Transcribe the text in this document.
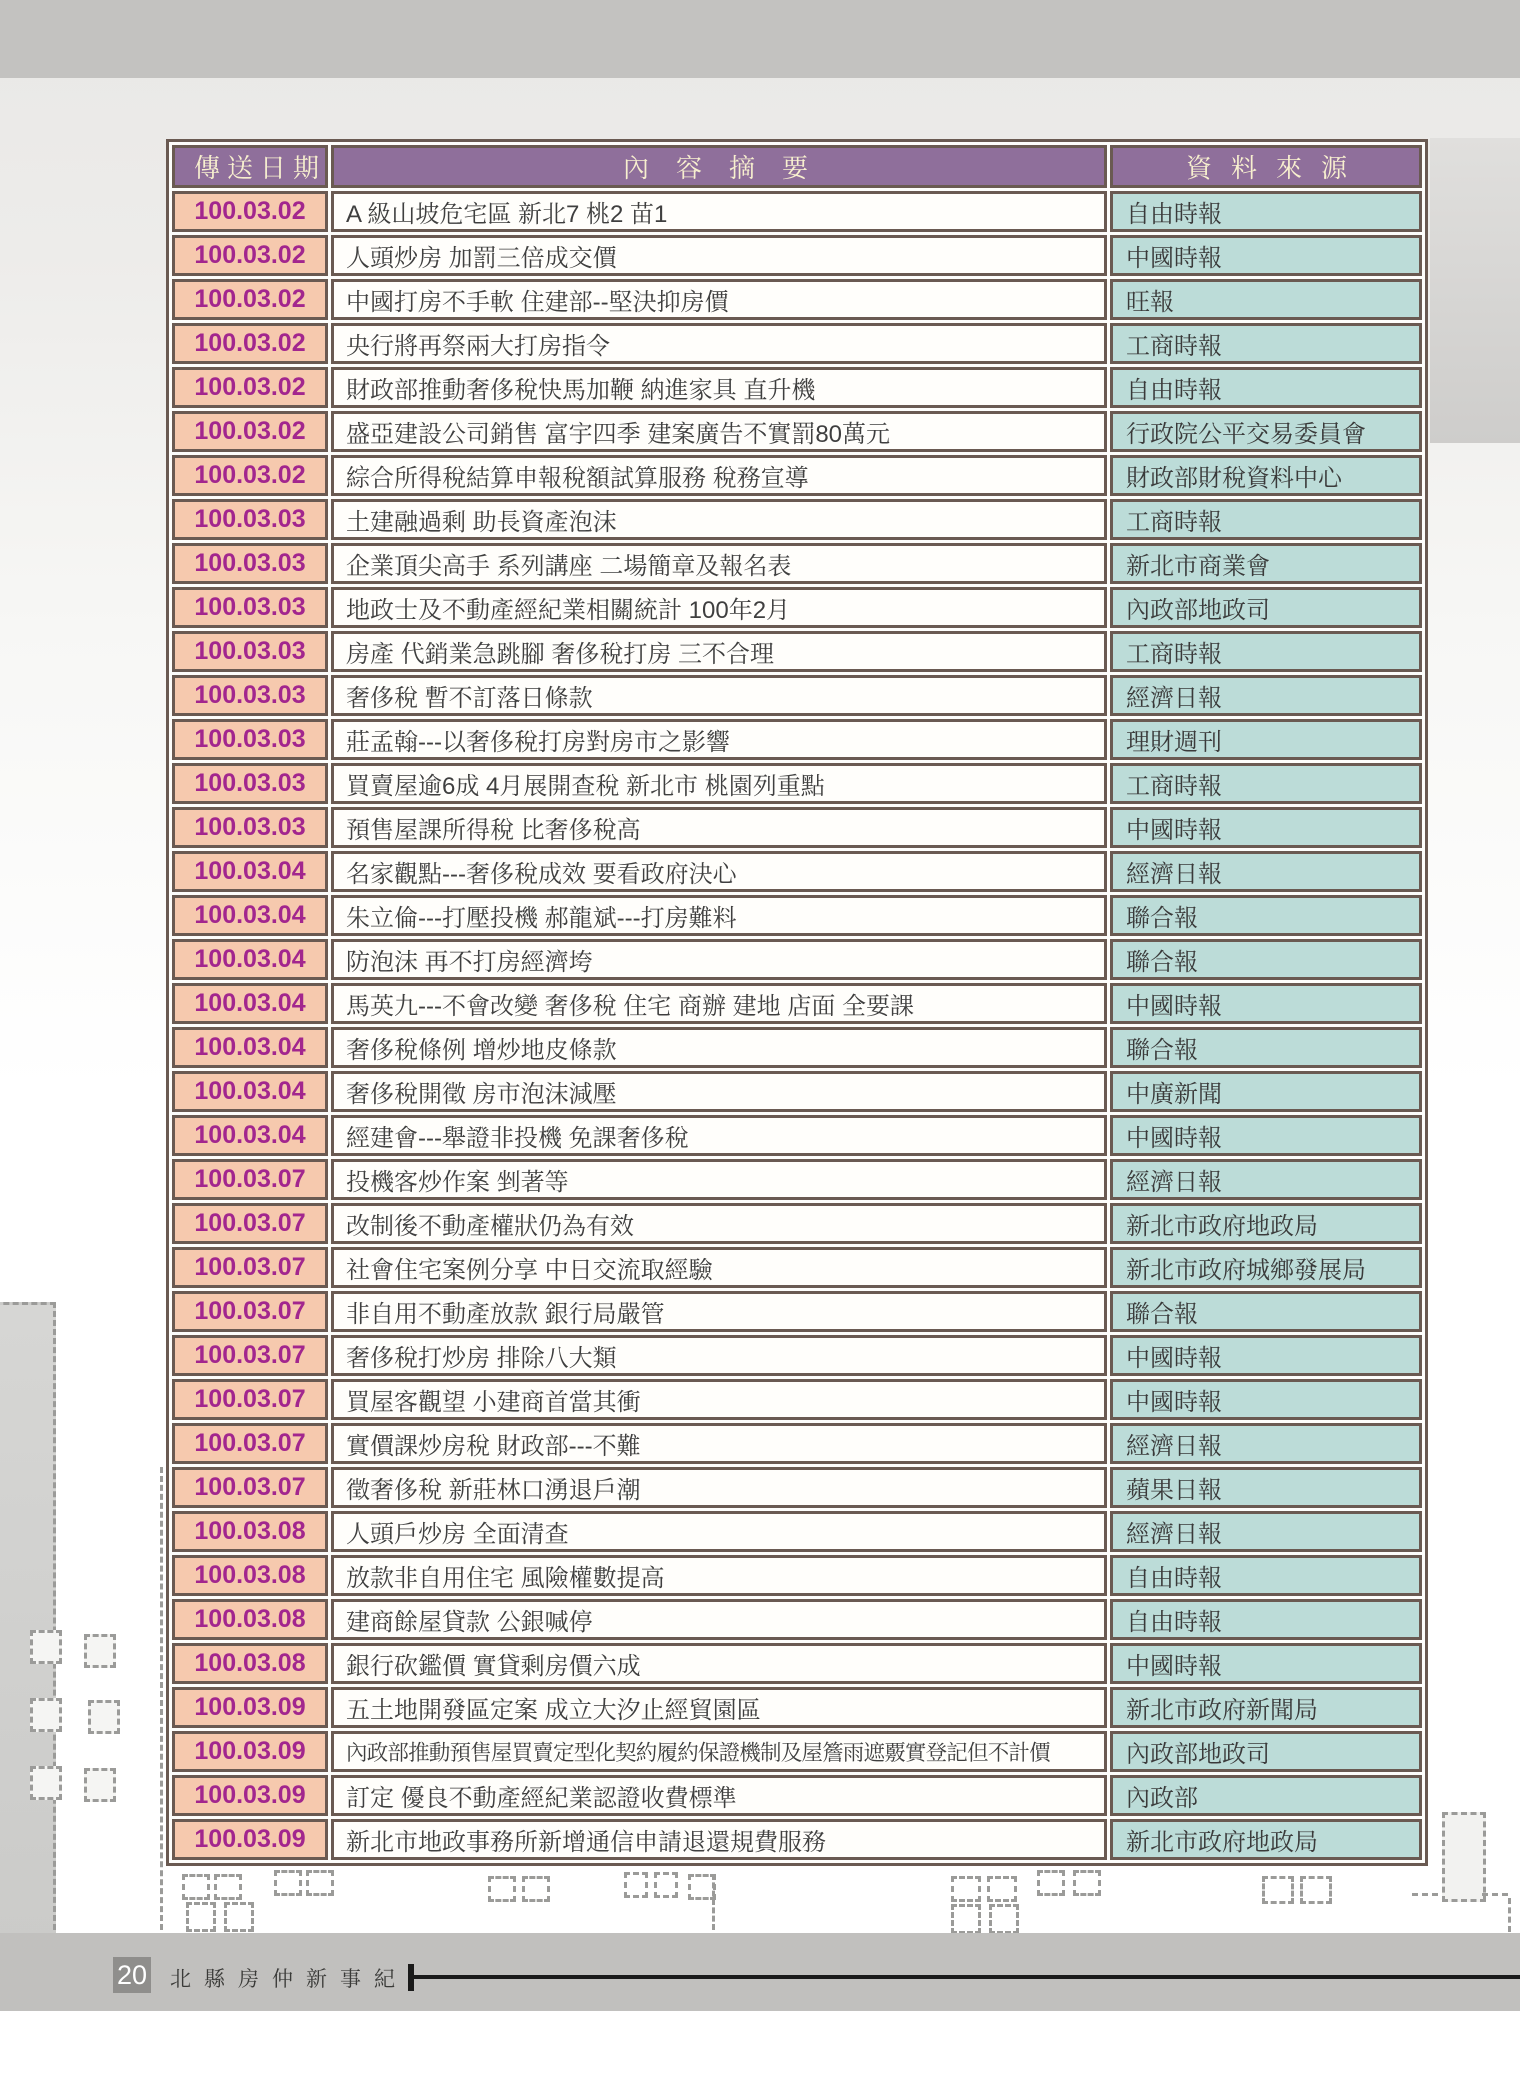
傳送日期	內容摘要	資料來源
100.03.02	A 級山坡危宅區 新北7 桃2 苗1	自由時報
100.03.02	人頭炒房 加罰三倍成交價	中國時報
100.03.02	中國打房不手軟 住建部--堅決抑房價	旺報
100.03.02	央行將再祭兩大打房指令	工商時報
100.03.02	財政部推動奢侈稅快馬加鞭 納進家具 直升機	自由時報
100.03.02	盛亞建設公司銷售 富宇四季 建案廣告不實罰80萬元	行政院公平交易委員會
100.03.02	綜合所得稅結算申報稅額試算服務 稅務宣導	財政部財稅資料中心
100.03.03	土建融過剩 助長資產泡沫	工商時報
100.03.03	企業頂尖高手 系列講座 二場簡章及報名表	新北市商業會
100.03.03	地政士及不動產經紀業相關統計 100年2月	內政部地政司
100.03.03	房產 代銷業急跳腳 奢侈稅打房 三不合理	工商時報
100.03.03	奢侈稅 暫不訂落日條款	經濟日報
100.03.03	莊孟翰---以奢侈稅打房對房市之影響	理財週刊
100.03.03	買賣屋逾6成 4月展開查稅 新北市 桃園列重點	工商時報
100.03.03	預售屋課所得稅 比奢侈稅高	中國時報
100.03.04	名家觀點---奢侈稅成效 要看政府決心	經濟日報
100.03.04	朱立倫---打壓投機 郝龍斌---打房難料	聯合報
100.03.04	防泡沫 再不打房經濟垮	聯合報
100.03.04	馬英九---不會改變 奢侈稅 住宅 商辦 建地 店面 全要課	中國時報
100.03.04	奢侈稅條例 增炒地皮條款	聯合報
100.03.04	奢侈稅開徵 房市泡沫減壓	中廣新聞
100.03.04	經建會---舉證非投機 免課奢侈稅	中國時報
100.03.07	投機客炒作案 剉著等	經濟日報
100.03.07	改制後不動產權狀仍為有效	新北市政府地政局
100.03.07	社會住宅案例分享 中日交流取經驗	新北市政府城鄉發展局
100.03.07	非自用不動產放款 銀行局嚴管	聯合報
100.03.07	奢侈稅打炒房 排除八大類	中國時報
100.03.07	買屋客觀望 小建商首當其衝	中國時報
100.03.07	實價課炒房稅 財政部---不難	經濟日報
100.03.07	徵奢侈稅 新莊林口湧退戶潮	蘋果日報
100.03.08	人頭戶炒房 全面清查	經濟日報
100.03.08	放款非自用住宅 風險權數提高	自由時報
100.03.08	建商餘屋貸款 公銀喊停	自由時報
100.03.08	銀行砍鑑價 實貸剩房價六成	中國時報
100.03.09	五土地開發區定案 成立大汐止經貿園區	新北市政府新聞局
100.03.09	內政部推動預售屋買賣定型化契約履約保證機制及屋簷雨遮覈實登記但不計價	內政部地政司
100.03.09	訂定 優良不動產經紀業認證收費標準	內政部
100.03.09	新北市地政事務所新增通信申請退還規費服務	新北市政府地政局
20 北縣房仲新事紀
